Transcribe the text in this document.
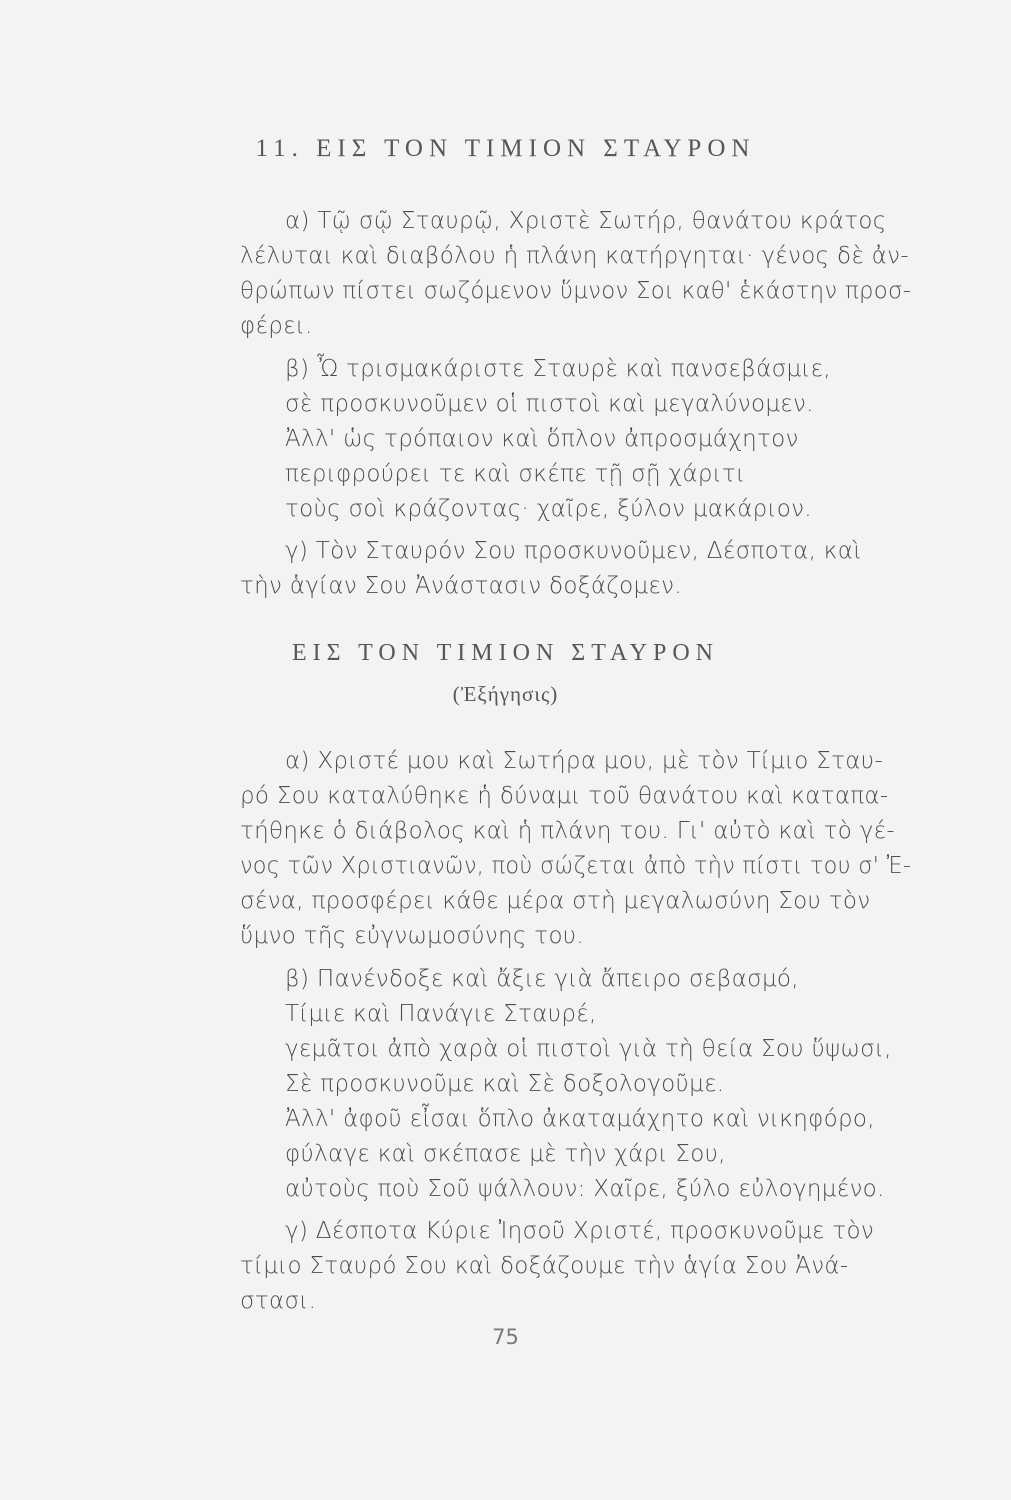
11. ΕΙΣ ΤΟΝ ΤΙΜΙΟΝ ΣΤΑΥΡΟΝ
α) Τῷ σῷ Σταυρῷ, Χριστὲ Σωτήρ, θανάτου κράτος
λέλυται καὶ διαβόλου ἡ πλάνη κατήργηται· γένος δὲ ἀν-
θρώπων πίστει σωζόμενον ὕμνον Σοι καθ' ἑκάστην προσ-
φέρει.
β) Ὦ τρισμακάριστε Σταυρὲ καὶ πανσεβάσμιε,
σὲ προσκυνοῦμεν οἱ πιστοὶ καὶ μεγαλύνομεν.
Ἀλλ' ὡς τρόπαιον καὶ ὅπλον ἀπροσμάχητον
περιφρούρει τε καὶ σκέπε τῇ σῇ χάριτι
τοὺς σοὶ κράζοντας· χαῖρε, ξύλον μακάριον.
γ) Τὸν Σταυρόν Σου προσκυνοῦμεν, Δέσποτα, καὶ
τὴν ἁγίαν Σου Ἀνάστασιν δοξάζομεν.
ΕΙΣ ΤΟΝ ΤΙΜΙΟΝ ΣΤΑΥΡΟΝ
(Ἐξήγησις)
α) Χριστέ μου καὶ Σωτήρα μου, μὲ τὸν Τίμιο Σταυ-
ρό Σου καταλύθηκε ἡ δύναμι τοῦ θανάτου καὶ καταπα-
τήθηκε ὁ διάβολος καὶ ἡ πλάνη του. Γι' αὐτὸ καὶ τὸ γέ-
νος τῶν Χριστιανῶν, ποὺ σώζεται ἀπὸ τὴν πίστι του σ' Ἐ-
σένα, προσφέρει κάθε μέρα στὴ μεγαλωσύνη Σου τὸν
ὕμνο τῆς εὐγνωμοσύνης του.
β) Πανένδοξε καὶ ἄξιε γιὰ ἄπειρο σεβασμό,
Τίμιε καὶ Πανάγιε Σταυρέ,
γεμᾶτοι ἀπὸ χαρὰ οἱ πιστοὶ γιὰ τὴ θεία Σου ὕψωσι,
Σὲ προσκυνοῦμε καὶ Σὲ δοξολογοῦμε.
Ἀλλ' ἀφοῦ εἶσαι ὅπλο ἀκαταμάχητο καὶ νικηφόρο,
φύλαγε καὶ σκέπασε μὲ τὴν χάρι Σου,
αὐτοὺς ποὺ Σοῦ ψάλλουν: Χαῖρε, ξύλο εὐλογημένο.
γ) Δέσποτα Κύριε Ἰησοῦ Χριστέ, προσκυνοῦμε τὸν
τίμιο Σταυρό Σου καὶ δοξάζουμε τὴν ἁγία Σου Ἀνά-
στασι.
75
